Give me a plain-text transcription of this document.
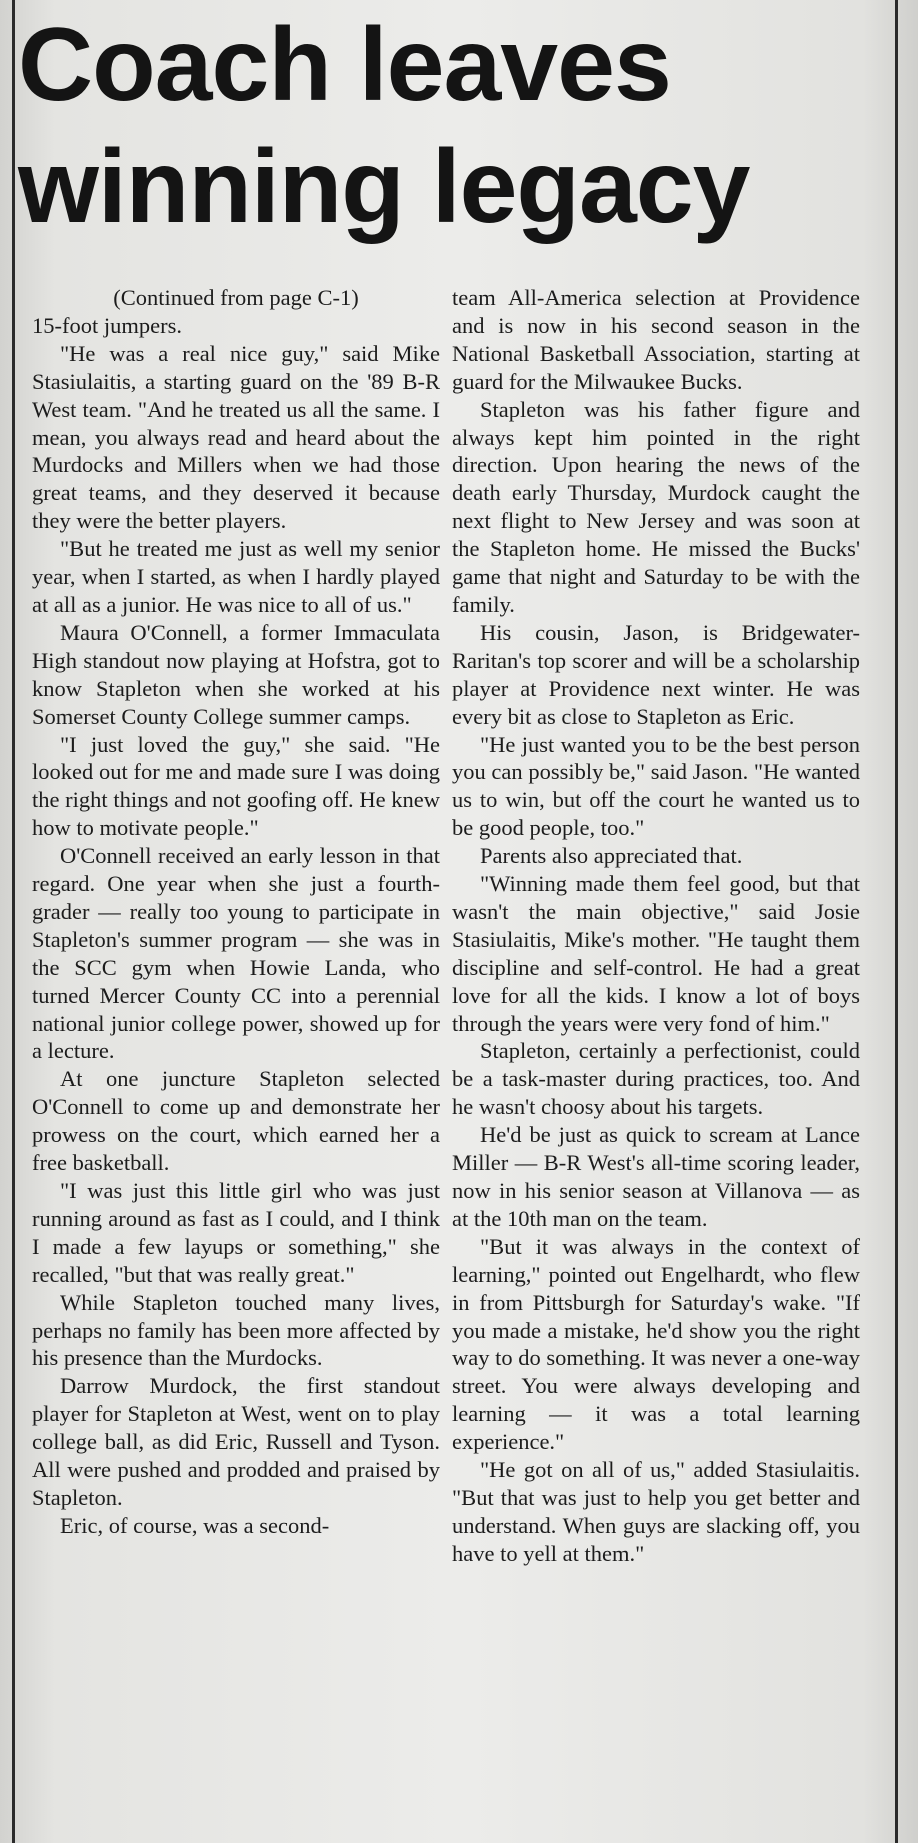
Coach leaves
winning legacy

(Continued from page C-1)

15-foot jumpers.

"He was a real nice guy," said Mike Stasiulaitis, a starting guard on the '89 B-R West team. "And he treated us all the same. I mean, you always read and heard about the Murdocks and Millers when we had those great teams, and they deserved it because they were the better players.

"But he treated me just as well my senior year, when I started, as when I hardly played at all as a junior. He was nice to all of us."

Maura O'Connell, a former Immaculata High standout now playing at Hofstra, got to know Stapleton when she worked at his Somerset County College summer camps.

"I just loved the guy," she said. "He looked out for me and made sure I was doing the right things and not goofing off. He knew how to motivate people."

O'Connell received an early lesson in that regard. One year when she just a fourth-grader — really too young to participate in Stapleton's summer program — she was in the SCC gym when Howie Landa, who turned Mercer County CC into a perennial national junior college power, showed up for a lecture.

At one juncture Stapleton selected O'Connell to come up and demonstrate her prowess on the court, which earned her a free basketball.

"I was just this little girl who was just running around as fast as I could, and I think I made a few layups or something," she recalled, "but that was really great."

While Stapleton touched many lives, perhaps no family has been more affected by his presence than the Murdocks.

Darrow Murdock, the first standout player for Stapleton at West, went on to play college ball, as did Eric, Russell and Tyson. All were pushed and prodded and praised by Stapleton.

Eric, of course, was a second-

team All-America selection at Providence and is now in his second season in the National Basketball Association, starting at guard for the Milwaukee Bucks.

Stapleton was his father figure and always kept him pointed in the right direction. Upon hearing the news of the death early Thursday, Murdock caught the next flight to New Jersey and was soon at the Stapleton home. He missed the Bucks' game that night and Saturday to be with the family.

His cousin, Jason, is Bridgewater-Raritan's top scorer and will be a scholarship player at Providence next winter. He was every bit as close to Stapleton as Eric.

"He just wanted you to be the best person you can possibly be," said Jason. "He wanted us to win, but off the court he wanted us to be good people, too."

Parents also appreciated that.

"Winning made them feel good, but that wasn't the main objective," said Josie Stasiulaitis, Mike's mother. "He taught them discipline and self-control. He had a great love for all the kids. I know a lot of boys through the years were very fond of him."

Stapleton, certainly a perfectionist, could be a task-master during practices, too. And he wasn't choosy about his targets.

He'd be just as quick to scream at Lance Miller — B-R West's all-time scoring leader, now in his senior season at Villanova — as at the 10th man on the team.

"But it was always in the context of learning," pointed out Engelhardt, who flew in from Pittsburgh for Saturday's wake. "If you made a mistake, he'd show you the right way to do something. It was never a one-way street. You were always developing and learning — it was a total learning experience."

"He got on all of us," added Stasiulaitis. "But that was just to help you get better and understand. When guys are slacking off, you have to yell at them."
